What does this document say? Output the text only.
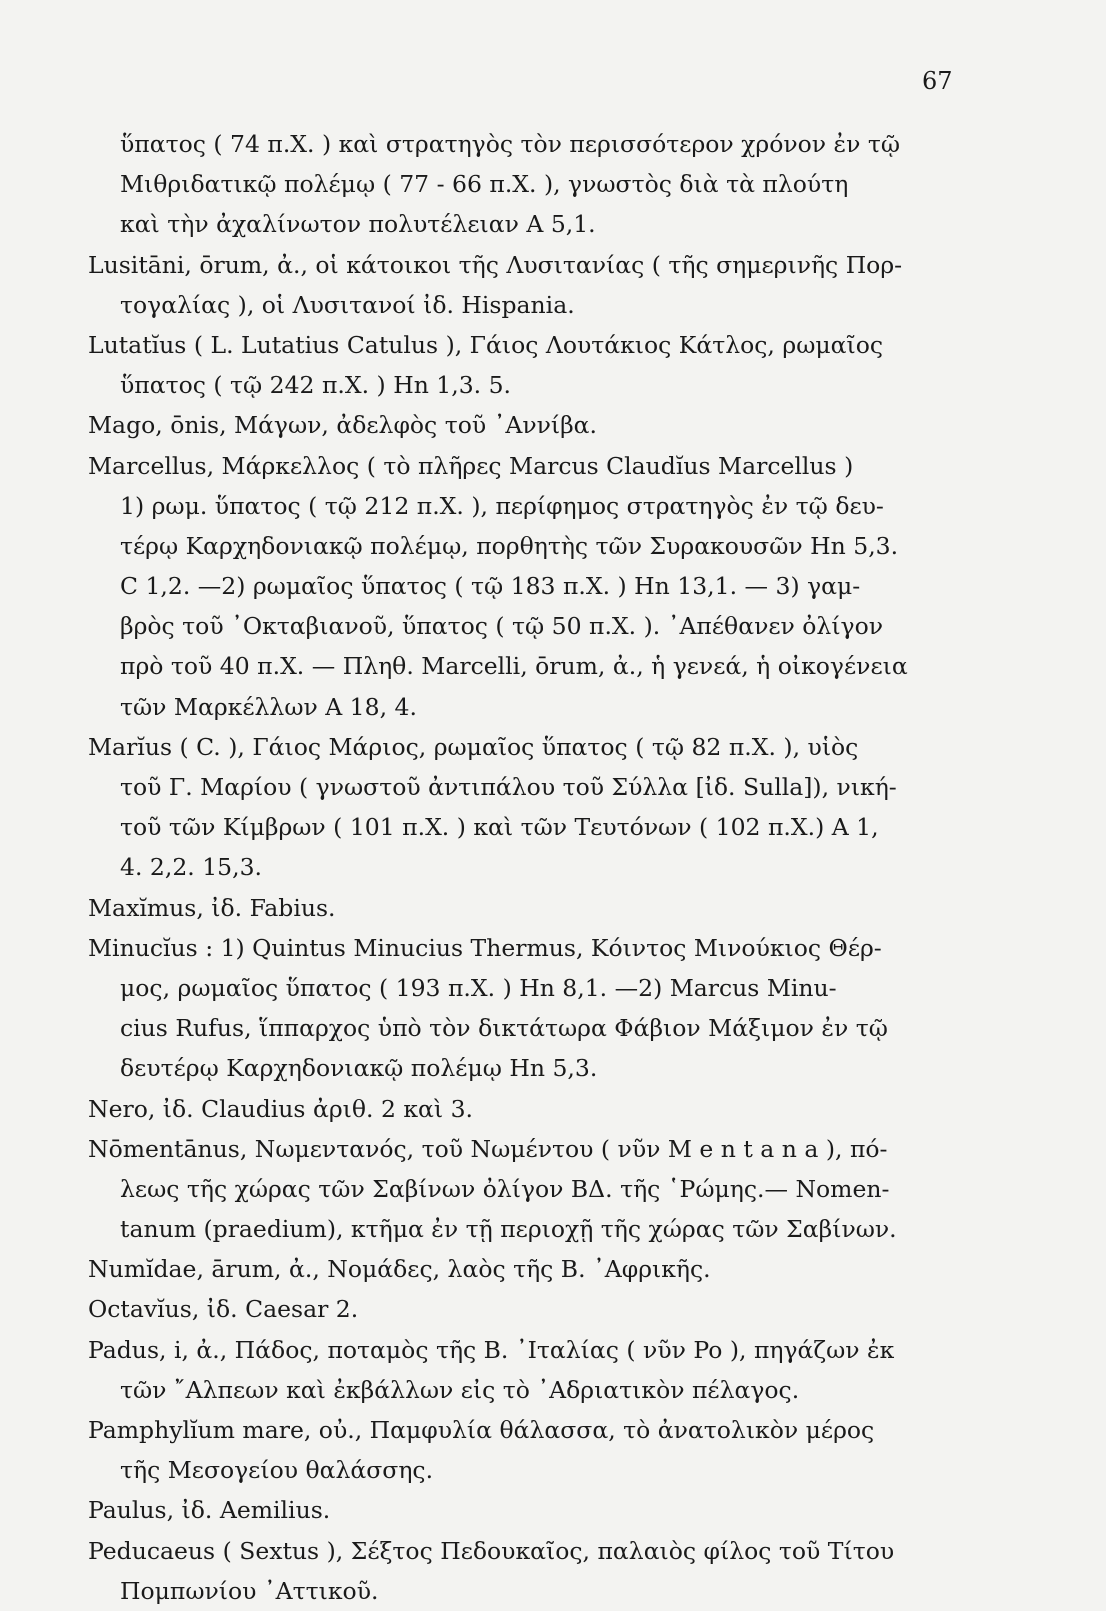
67
ὕπατος ( 74 π.Χ. ) καὶ στρατηγὸς τὸν περισσότερον χρόνον ἐν τῷ
Μιθριδατικῷ πολέμῳ ( 77 - 66 π.Χ. ), γνωστὸς διὰ τὰ πλούτη
καὶ τὴν ἀχαλίνωτον πολυτέλειαν Α 5,1.
Lusitāni, ōrum, ἀ., οἱ κάτοικοι τῆς Λυσιτανίας ( τῆς σημερινῆς Πορ-
τογαλίας ), οἱ Λυσιτανοί ἰδ. Hispania.
Lutatĭus ( L. Lutatius Catulus ), Γάιος Λουτάκιος Κάτλος, ρωμαῖος
ὕπατος ( τῷ 242 π.Χ. ) Hn 1,3. 5.
Mago, ōnis, Μάγων, ἀδελφὸς τοῦ ᾿Αννίβα.
Marcellus, Μάρκελλος ( τὸ πλῆρες Marcus Claudĭus Marcellus )
1) ρωμ. ὕπατος ( τῷ 212 π.Χ. ), περίφημος στρατηγὸς ἐν τῷ δευ-
τέρῳ Καρχηδονιακῷ πολέμῳ, πορθητὴς τῶν Συρακουσῶν Hn 5,3.
C 1,2. —2) ρωμαῖος ὕπατος ( τῷ 183 π.Χ. ) Hn 13,1. — 3) γαμ-
βρὸς τοῦ ᾿Οκταβιανοῦ, ὕπατος ( τῷ 50 π.Χ. ). ᾿Απέθανεν ὀλίγον
πρὸ τοῦ 40 π.Χ. — Πληθ. Marcelli, ōrum, ἀ., ἡ γενεά, ἡ οἰκογένεια
τῶν Μαρκέλλων Α 18, 4.
Marĭus ( C. ), Γάιος Μάριος, ρωμαῖος ὕπατος ( τῷ 82 π.Χ. ), υἱὸς
τοῦ Γ. Μαρίου ( γνωστοῦ ἀντιπάλου τοῦ Σύλλα [ἰδ. Sulla]), νική-
τοῦ τῶν Κίμβρων ( 101 π.Χ. ) καὶ τῶν Τευτόνων ( 102 π.Χ.) Α 1,
4. 2,2. 15,3.
Maxĭmus, ἰδ. Fabius.
Minucĭus : 1) Quintus Minucius Thermus, Κόιντος Μινούκιος Θέρ-
μος, ρωμαῖος ὕπατος ( 193 π.Χ. ) Hn 8,1. —2) Marcus Minu-
cius Rufus, ἵππαρχος ὑπὸ τὸν δικτάτωρα Φάβιον Μάξιμον ἐν τῷ
δευτέρῳ Καρχηδονιακῷ πολέμῳ Hn 5,3.
Nero, ἰδ. Claudius ἀριθ. 2 καὶ 3.
Nōmentānus, Νωμεντανός, τοῦ Νωμέντου ( νῦν M e n t a n a ), πό-
λεως τῆς χώρας τῶν Σαβίνων ὀλίγον ΒΔ. τῆς ῾Ρώμης.— Nomen-
tanum (praedium), κτῆμα ἐν τῇ περιοχῇ τῆς χώρας τῶν Σαβίνων.
Numĭdae, ārum, ἀ., Νομάδες, λαὸς τῆς Β. ᾿Αφρικῆς.
Octavĭus, ἰδ. Caesar 2.
Padus, i, ἀ., Πάδος, ποταμὸς τῆς Β. ᾿Ιταλίας ( νῦν Po ), πηγάζων ἐκ
τῶν ῎Αλπεων καὶ ἐκβάλλων εἰς τὸ ᾿Αδριατικὸν πέλαγος.
Pamphylĭum mare, οὐ., Παμφυλία θάλασσα, τὸ ἀνατολικὸν μέρος
τῆς Μεσογείου θαλάσσης.
Paulus, ἰδ. Aemilius.
Peducaeus ( Sextus ), Σέξτος Πεδουκαῖος, παλαιὸς φίλος τοῦ Τίτου
Πομπωνίου ᾿Αττικοῦ.
